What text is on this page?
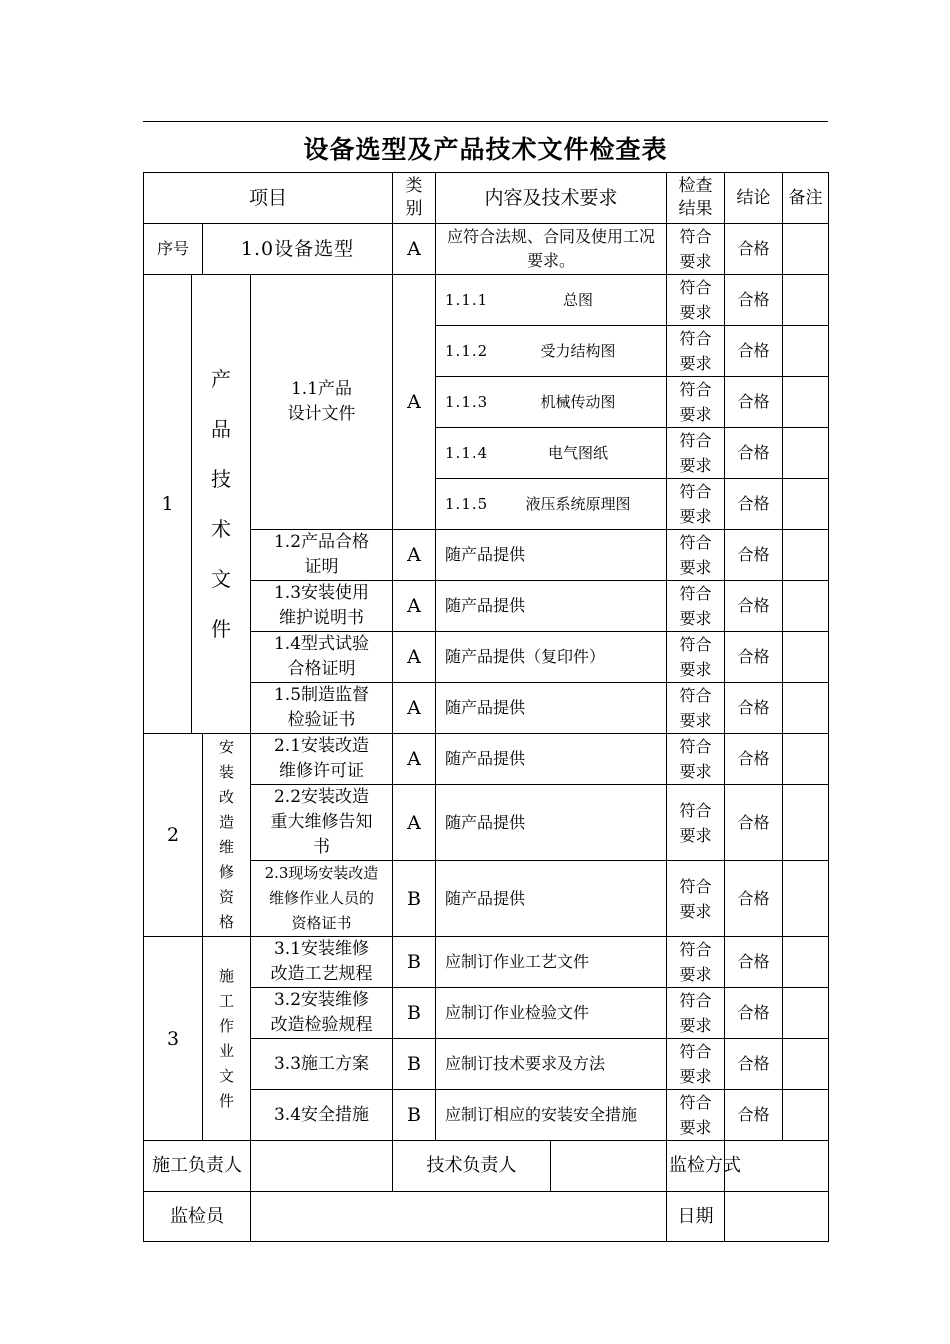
设备选型及产品技术文件检查表
项目				类别	内容及技术要求		检查结果	结论	备注
序号		1.0设备选型		A	应符合法规、合同及使用工况要求。		符合要求	合格	
1	产品技术文件		1.1产品设计文件	A	1.1.1 总图		符合要求	合格	
					1.1.2 受力结构图		符合要求	合格	
					1.1.3 机械传动图		符合要求	合格	
					1.1.4 电气图纸		符合要求	合格	
					1.1.5 液压系统原理图		符合要求	合格	
			1.2产品合格证明	A	随产品提供		符合要求	合格	
			1.3安装使用维护说明书	A	随产品提供		符合要求	合格	
			1.4型式试验合格证明	A	随产品提供（复印件）		符合要求	合格	
			1.5制造监督检验证书	A	随产品提供		符合要求	合格	
2		安装改造维修资格	2.1安装改造维修许可证	A	随产品提供		符合要求	合格	
			2.2安装改造重大维修告知书	A	随产品提供		符合要求	合格	
			2.3现场安装改造维修作业人员的资格证书	B	随产品提供		符合要求	合格	
3		施工作业文件	3.1安装维修改造工艺规程	B	应制订作业工艺文件		符合要求	合格	
			3.2安装维修改造检验规程	B	应制订作业检验文件		符合要求	合格	
			3.3施工方案	B	应制订技术要求及方法		符合要求	合格	
			3.4安全措施	B	应制订相应的安装安全措施		符合要求	合格	
施工负责人				技术负责人			监检方式		
监检员							日期		
